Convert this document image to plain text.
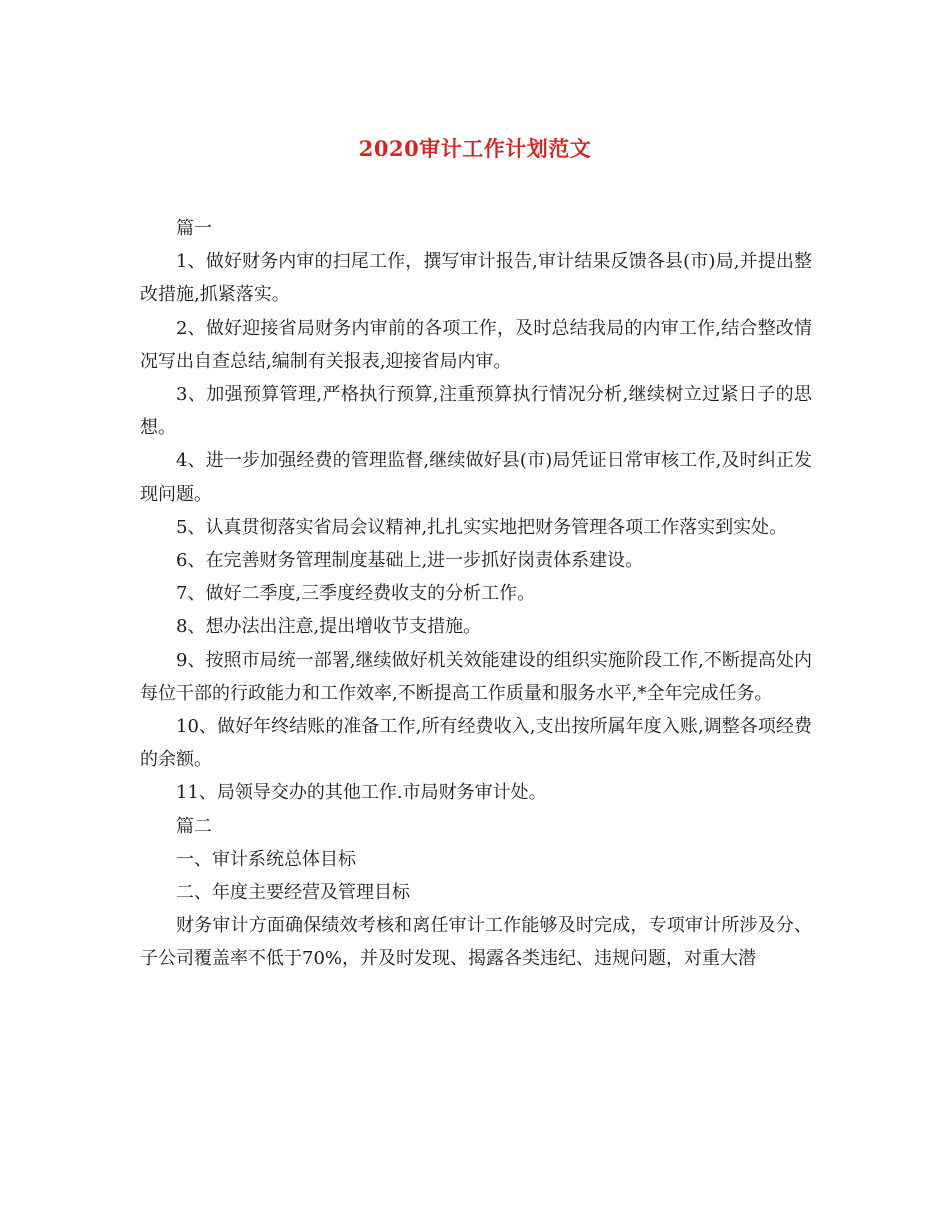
2020审计工作计划范文

篇一

1、做好财务内审的扫尾工作，撰写审计报告,审计结果反馈各县(市)局,并提出整改措施,抓紧落实。

2、做好迎接省局财务内审前的各项工作，及时总结我局的内审工作,结合整改情况写出自查总结,编制有关报表,迎接省局内审。

3、加强预算管理,严格执行预算,注重预算执行情况分析,继续树立过紧日子的思想。

4、进一步加强经费的管理监督,继续做好县(市)局凭证日常审核工作,及时纠正发现问题。

5、认真贯彻落实省局会议精神,扎扎实实地把财务管理各项工作落实到实处。

6、在完善财务管理制度基础上,进一步抓好岗责体系建设。

7、做好二季度,三季度经费收支的分析工作。

8、想办法出注意,提出增收节支措施。

9、按照市局统一部署,继续做好机关效能建设的组织实施阶段工作,不断提高处内每位干部的行政能力和工作效率,不断提高工作质量和服务水平,*全年完成任务。

10、做好年终结账的准备工作,所有经费收入,支出按所属年度入账,调整各项经费的余额。

11、局领导交办的其他工作.市局财务审计处。

篇二

一、审计系统总体目标

二、年度主要经营及管理目标

财务审计方面确保绩效考核和离任审计工作能够及时完成，专项审计所涉及分、子公司覆盖率不低于70%，并及时发现、揭露各类违纪、违规问题，对重大潜
